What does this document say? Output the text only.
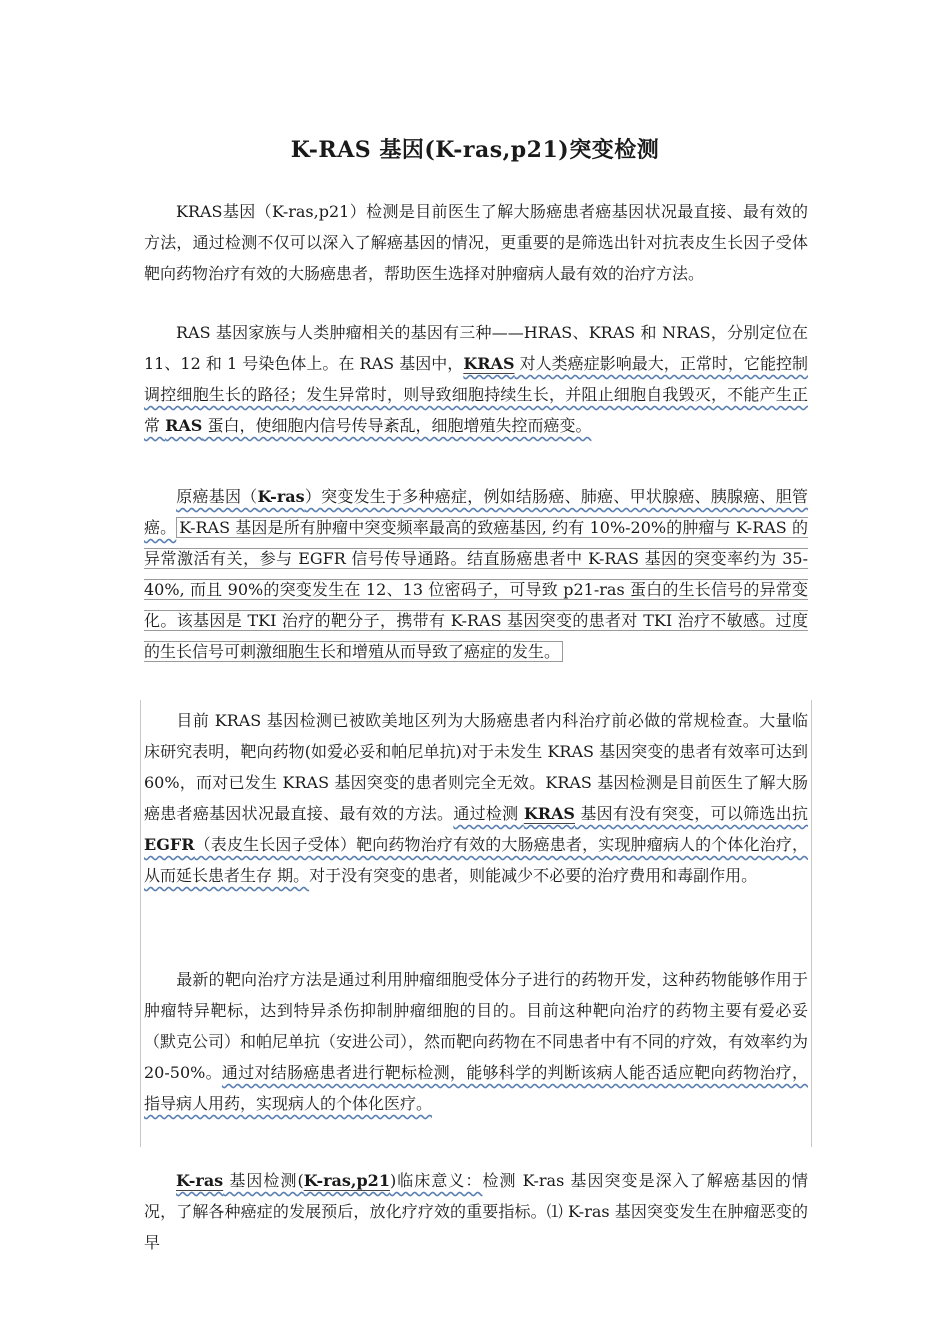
K-RAS 基因(K-ras,p21)突变检测
KRAS基因（K-ras,p21）检测是目前医生了解大肠癌患者癌基因状况最直接、最有效的方法，通过检测不仅可以深入了解癌基因的情况，更重要的是筛选出针对抗表皮生长因子受体靶向药物治疗有效的大肠癌患者，帮助医生选择对肿瘤病人最有效的治疗方法。
RAS 基因家族与人类肿瘤相关的基因有三种——HRAS、KRAS 和 NRAS，分别定位在 11、12 和 1 号染色体上。在 RAS 基因中，KRAS 对人类癌症影响最大，正常时，它能控制调控细胞生长的路径；发生异常时，则导致细胞持续生长，并阻止细胞自我毁灭，不能产生正常 RAS 蛋白，使细胞内信号传导紊乱，细胞增殖失控而癌变。
原癌基因（K-ras）突变发生于多种癌症，例如结肠癌、肺癌、甲状腺癌、胰腺癌、胆管癌。 K-RAS 基因是所有肿瘤中突变频率最高的致癌基因, 约有 10%-20%的肿瘤与 K-RAS 的异常激活有关，参与 EGFR 信号传导通路。结直肠癌患者中 K-RAS 基因的突变率约为 35-40%, 而且 90%的突变发生在 12、13 位密码子，可导致 p21-ras 蛋白的生长信号的异常变化。该基因是 TKI 治疗的靶分子，携带有 K-RAS 基因突变的患者对 TKI 治疗不敏感。过度的生长信号可刺激细胞生长和增殖从而导致了癌症的发生。
目前 KRAS 基因检测已被欧美地区列为大肠癌患者内科治疗前必做的常规检查。大量临床研究表明，靶向药物(如爱必妥和帕尼单抗)对于未发生 KRAS 基因突变的患者有效率可达到 60%，而对已发生 KRAS 基因突变的患者则完全无效。KRAS 基因检测是目前医生了解大肠癌患者癌基因状况最直接、最有效的方法。通过检测 KRAS 基因有没有突变，可以筛选出抗 EGFR（表皮生长因子受体）靶向药物治疗有效的大肠癌患者，实现肿瘤病人的个体化治疗，从而延长患者生存 期。对于没有突变的患者，则能减少不必要的治疗费用和毒副作用。
最新的靶向治疗方法是通过利用肿瘤细胞受体分子进行的药物开发，这种药物能够作用于肿瘤特异靶标，达到特异杀伤抑制肿瘤细胞的目的。目前这种靶向治疗的药物主要有爱必妥（默克公司）和帕尼单抗（安进公司），然而靶向药物在不同患者中有不同的疗效，有效率约为 20-50%。通过对结肠癌患者进行靶标检测，能够科学的判断该病人能否适应靶向药物治疗，指导病人用药，实现病人的个体化医疗。
K-ras 基因检测(K-ras,p21)临床意义：检测 K-ras 基因突变是深入了解癌基因的情况，了解各种癌症的发展预后，放化疗疗效的重要指标。⑴ K-ras 基因突变发生在肿瘤恶变的早
